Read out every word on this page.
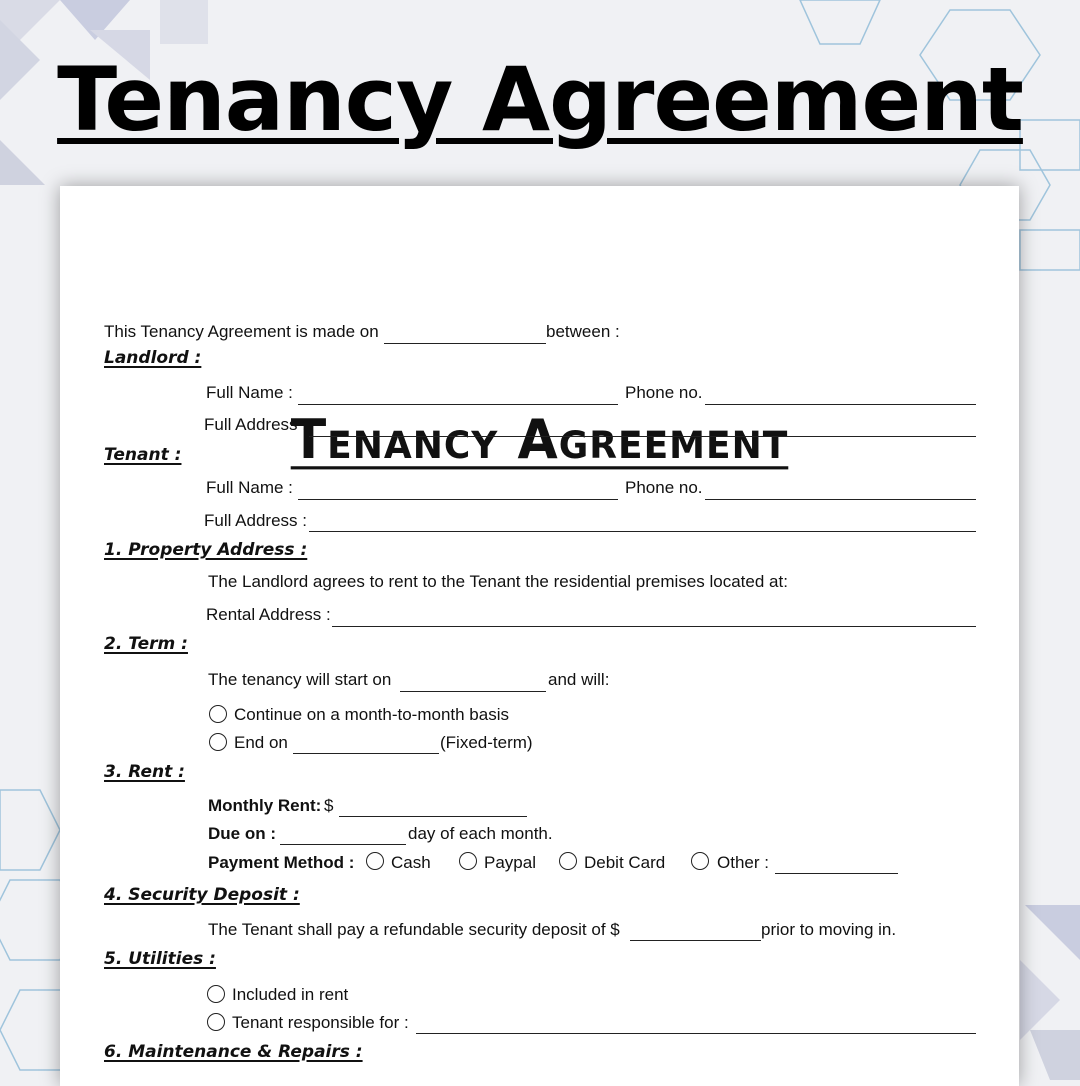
Tenancy Agreement
Tenancy Agreement
This Tenancy Agreement is made on	between :
Landlord :
Full Name :	Phone no.
Full Address :
Tenant :
Full Name :	Phone no.
Full Address :
1. Property Address :
The Landlord agrees to rent to the Tenant the residential premises located at:
Rental Address :
2. Term :
The tenancy will start on	and will:
Continue on a month-to-month basis
End on	(Fixed-term)
3. Rent :
Monthly Rent: $
Due on :	day of each month.
Payment Method : Cash	Paypal	Debit Card	Other :
4. Security Deposit :
The Tenant shall pay a refundable security deposit of $	prior to moving in.
5. Utilities :
Included in rent
Tenant responsible for :
6. Maintenance & Repairs :
